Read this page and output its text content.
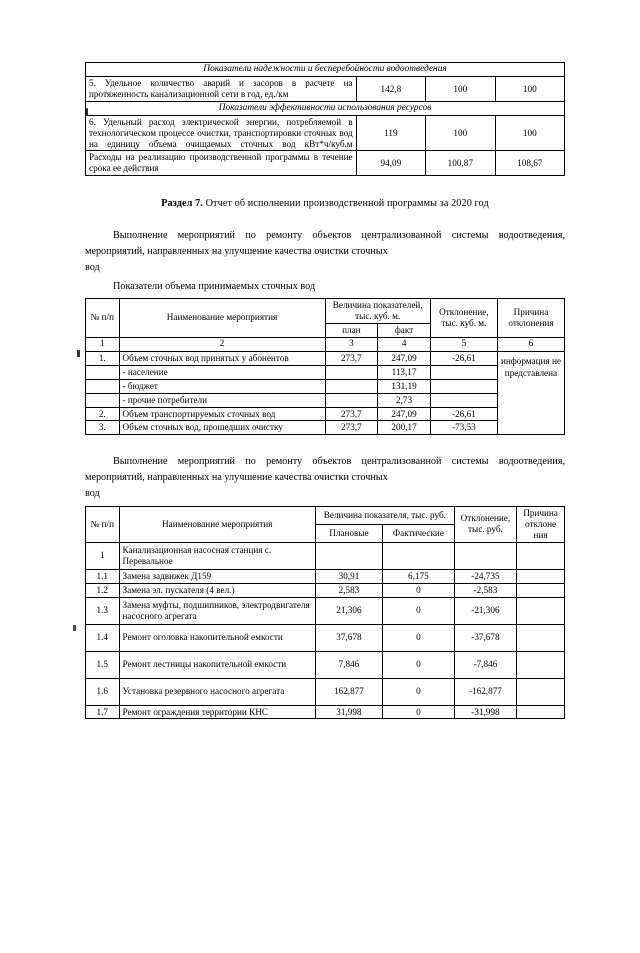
Показатели надежности и бесперебойности водоотведения			
5. Удельное количество аварий и засоров в расчете на протяженность канализационной сети в год, ед./км	142,8	100	100
Показатели эффективности использования ресурсов			
6. Удельный расход электрической энергии, потребляемой в технологическом процессе очистки, транспортировки сточных вод на единицу объема очищаемых сточных вод кВт*ч/куб.м	119	100	100
Расходы на реализацию производственной программы в течение срока ее действия	94,09	100,87	108,67
Раздел 7. Отчет об исполнении производственной программы за 2020 год
Выполнение мероприятий по ремонту объектов централизованной системы водоотведения, мероприятий, направленных на улучшение качества очистки сточных
вод
Показатели объема принимаемых сточных вод
№ п/п	Наименование мероприятия	Величина показателей, тыс. куб. м.		Отклонение, тыс. куб. м.	Причина отклонения
		план	факт		
1	2	3	4	5	6
1.	Объем сточных вод принятых у абонентов	273,7	247,09	-26,61	информация не представлена
	- население		113,17		
	- бюджет		131,19		
	- прочие потребители		2,73		
2.	Объем транспортируемых сточных вод	273,7	247,09	-26,61	
3.	Объем сточных вод, прошедших очистку	273,7	200,17	-73,53	
Выполнение мероприятий по ремонту объектов централизованной системы водоотведения, мероприятий, направленных на улучшение качества очистки сточных
вод
№ п/п	Наименование мероприятия	Величина показателя, тыс. руб.		Отклонение, тыс. руб.	Причина отклоне ния
		Плановые	Фактические		
1	Канализационная насосная станция с. Перевальное				
1.1	Замена задвижек Д159	30,91	6,175	-24,735	
1.2	Замена эл. пускателя (4 вел.)	2,583	0	-2,583	
1.3	Замена муфты, подшипников, электродвигателя насосного агрегата	21,306	0	-21,306	
1.4	Ремонт оголовка накопительной емкости	37,678	0	-37,678	
1.5	Ремонт лестницы накопительной емкости	7,846	0	-7,846	
1.6	Установка резервного насосного агрегата	162,877	0	-162,877	
1.7	Ремонт ограждения территории КНС	31,998	0	-31,998	
